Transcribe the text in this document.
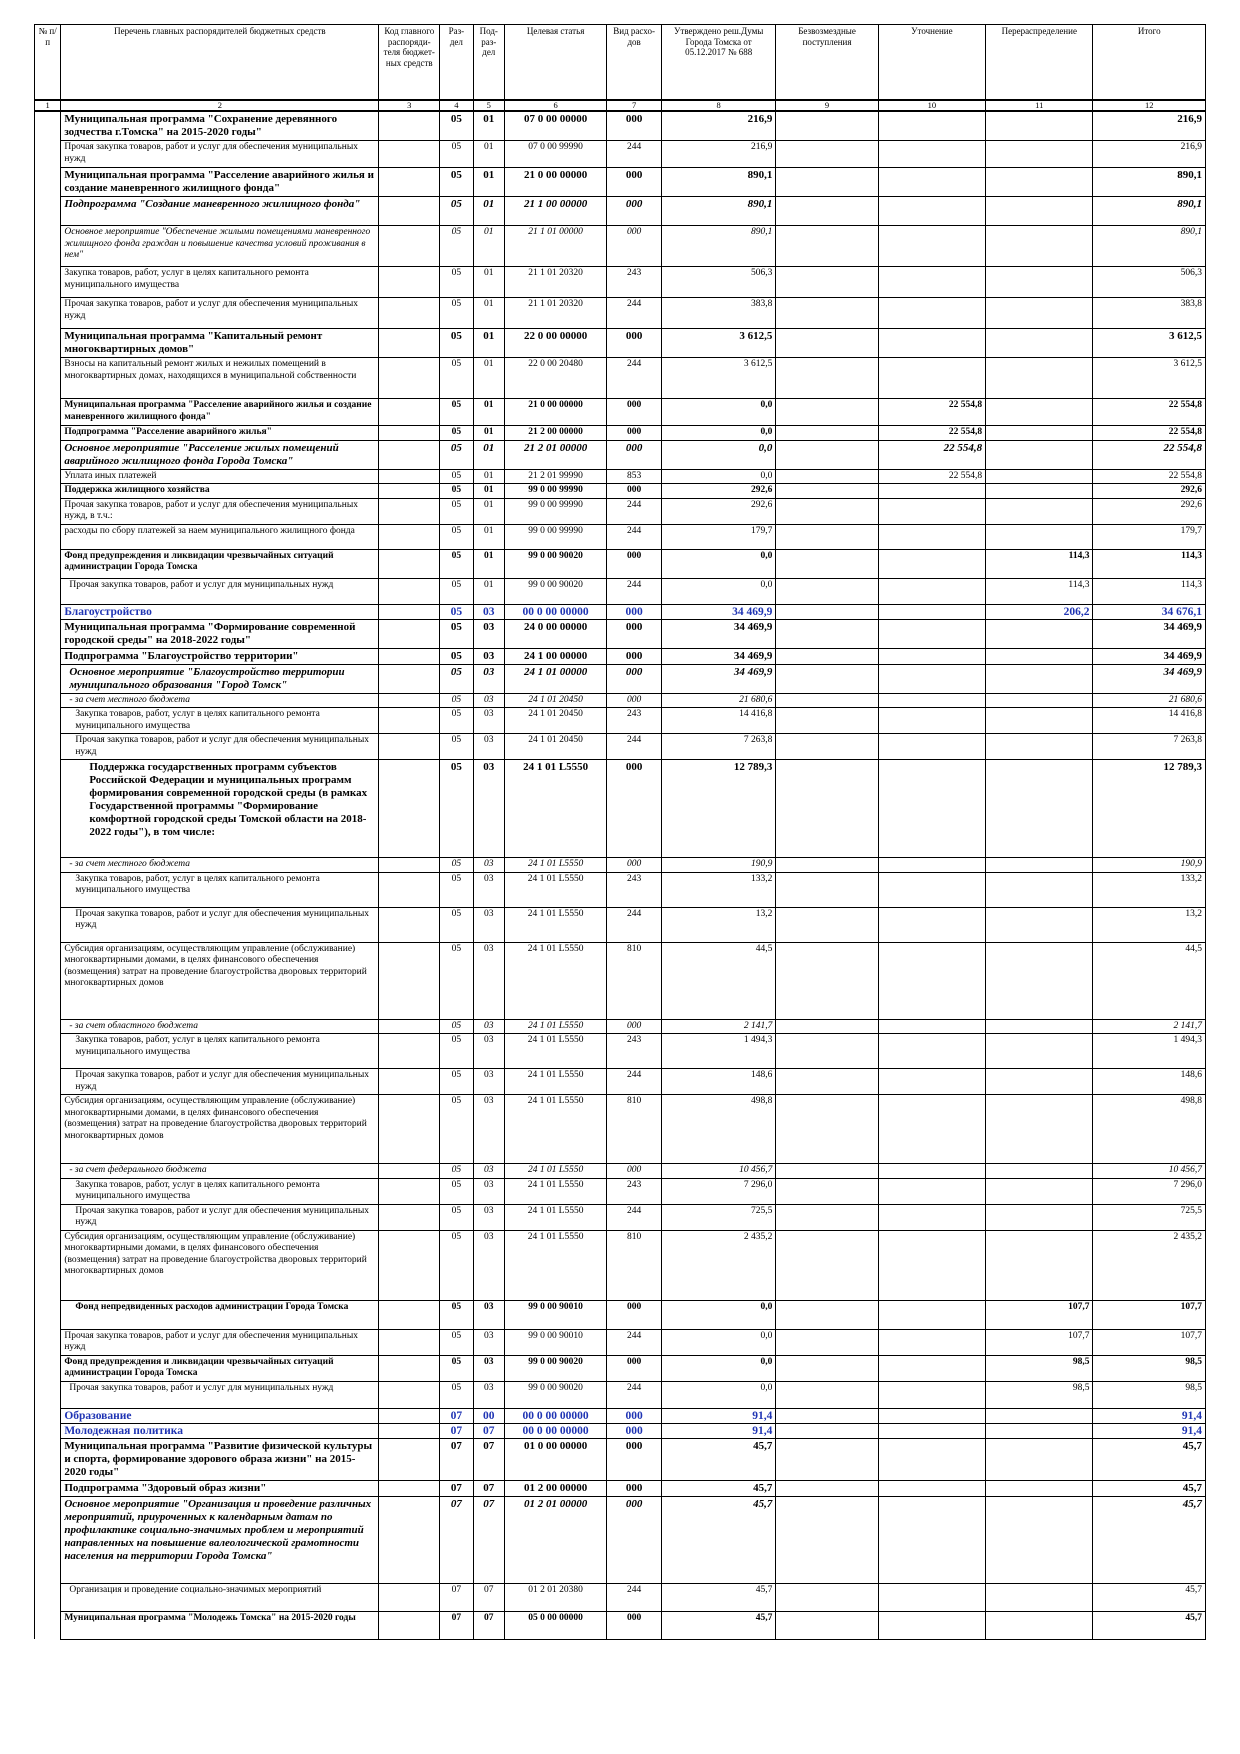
№ п/п	Перечень главных распорядителей бюджетных средств	Код главного распоряди-теля бюджет-ных средств	Раз-дел	Под-раз-дел	Целевая статья	Вид расхо-дов	Утверждено реш.Думы Города Томска от 05.12.2017 № 688	Безвозмездные поступления	Уточнение	Перераспределение	Итого
1	2	3	4	5	6	7	8	9	10	11	12
	Муниципальная программа "Сохранение деревянного зодчества г.Томска" на 2015-2020 годы"		05	01	07 0 00 00000	000	216,9				216,9
	Прочая закупка товаров, работ и услуг для обеспечения муниципальных нужд		05	01	07 0 00 99990	244	216,9				216,9
	Муниципальная программа "Расселение аварийного жилья и создание маневренного жилищного фонда"		05	01	21 0 00 00000	000	890,1				890,1
	Подпрограмма "Создание маневренного жилищного фонда"		05	01	21 1 00 00000	000	890,1				890,1
	Основное мероприятие "Обеспечение жилыми помещениями маневренного жилищного фонда граждан и повышение качества условий проживания в нем"		05	01	21 1 01 00000	000	890,1				890,1
	Закупка товаров, работ, услуг в целях капитального ремонта муниципального имущества		05	01	21 1 01 20320	243	506,3				506,3
	Прочая закупка товаров, работ и услуг для обеспечения муниципальных нужд		05	01	21 1 01 20320	244	383,8				383,8
	Муниципальная программа "Капитальный ремонт многоквартирных домов"		05	01	22 0 00 00000	000	3 612,5				3 612,5
	Взносы на капитальный ремонт жилых и нежилых помещений в многоквартирных домах, находящихся в муниципальной собственности		05	01	22 0 00 20480	244	3 612,5				3 612,5
	Муниципальная программа "Расселение аварийного жилья и создание маневренного жилищного фонда"		05	01	21 0 00 00000	000	0,0		22 554,8		22 554,8
	Подпрограмма "Расселение аварийного жилья"		05	01	21 2 00 00000	000	0,0		22 554,8		22 554,8
	Основное мероприятие "Расселение жилых помещений аварийного жилищного фонда Города Томска"		05	01	21 2 01 00000	000	0,0		22 554,8		22 554,8
	Уплата иных платежей		05	01	21 2 01 99990	853	0,0		22 554,8		22 554,8
	Поддержка жилищного хозяйства		05	01	99 0 00 99990	000	292,6				292,6
	Прочая закупка товаров, работ и услуг для обеспечения муниципальных нужд, в т.ч.:		05	01	99 0 00 99990	244	292,6				292,6
	расходы по сбору платежей за наем муниципального жилищного фонда		05	01	99 0 00 99990	244	179,7				179,7
	Фонд предупреждения и ликвидации чрезвычайных ситуаций администрации Города Томска		05	01	99 0 00 90020	000	0,0			114,3	114,3
	Прочая закупка товаров, работ и услуг для муниципальных нужд		05	01	99 0 00 90020	244	0,0			114,3	114,3
	Благоустройство		05	03	00 0 00 00000	000	34 469,9			206,2	34 676,1
	Муниципальная программа "Формирование современной городской среды" на 2018-2022 годы"		05	03	24 0 00 00000	000	34 469,9				34 469,9
	Подпрограмма "Благоустройство территории"		05	03	24 1 00 00000	000	34 469,9				34 469,9
	Основное мероприятие "Благоустройство территории муниципального образования "Город Томск"		05	03	24 1 01 00000	000	34 469,9				34 469,9
	- за счет местного бюджета		05	03	24 1 01 20450	000	21 680,6				21 680,6
	Закупка товаров, работ, услуг в целях капитального ремонта муниципального имущества		05	03	24 1 01 20450	243	14 416,8				14 416,8
	Прочая закупка товаров, работ и услуг для обеспечения муниципальных нужд		05	03	24 1 01 20450	244	7 263,8				7 263,8
	Поддержка государственных программ субъектов Российской Федерации и муниципальных программ формирования современной городской среды (в рамках Государственной программы "Формирование комфортной городской среды Томской области на 2018-2022 годы"), в том числе:		05	03	24 1 01 L5550	000	12 789,3				12 789,3
	- за счет местного бюджета		05	03	24 1 01 L5550	000	190,9				190,9
	Закупка товаров, работ, услуг в целях капитального ремонта муниципального имущества		05	03	24 1 01 L5550	243	133,2				133,2
	Прочая закупка товаров, работ и услуг для обеспечения муниципальных нужд		05	03	24 1 01 L5550	244	13,2				13,2
	Субсидия организациям, осуществляющим управление (обслуживание) многоквартирными домами, в целях финансового обеспечения (возмещения) затрат на проведение благоустройства дворовых территорий многоквартирных домов		05	03	24 1 01 L5550	810	44,5				44,5
	- за счет областного бюджета		05	03	24 1 01 L5550	000	2 141,7				2 141,7
	Закупка товаров, работ, услуг в целях капитального ремонта муниципального имущества		05	03	24 1 01 L5550	243	1 494,3				1 494,3
	Прочая закупка товаров, работ и услуг для обеспечения муниципальных нужд		05	03	24 1 01 L5550	244	148,6				148,6
	Субсидия организациям, осуществляющим управление (обслуживание) многоквартирными домами, в целях финансового обеспечения (возмещения) затрат на проведение благоустройства дворовых территорий многоквартирных домов		05	03	24 1 01 L5550	810	498,8				498,8
	- за счет федерального бюджета		05	03	24 1 01 L5550	000	10 456,7				10 456,7
	Закупка товаров, работ, услуг в целях капитального ремонта муниципального имущества		05	03	24 1 01 L5550	243	7 296,0				7 296,0
	Прочая закупка товаров, работ и услуг для обеспечения муниципальных нужд		05	03	24 1 01 L5550	244	725,5				725,5
	Субсидия организациям, осуществляющим управление (обслуживание) многоквартирными домами, в целях финансового обеспечения (возмещения) затрат на проведение благоустройства дворовых территорий многоквартирных домов		05	03	24 1 01 L5550	810	2 435,2				2 435,2
	Фонд непредвиденных расходов администрации Города Томска		05	03	99 0 00 90010	000	0,0			107,7	107,7
	Прочая закупка товаров, работ и услуг для обеспечения муниципальных нужд		05	03	99 0 00 90010	244	0,0			107,7	107,7
	Фонд предупреждения и ликвидации чрезвычайных ситуаций администрации Города Томска		05	03	99 0 00 90020	000	0,0			98,5	98,5
	Прочая закупка товаров, работ и услуг для муниципальных нужд		05	03	99 0 00 90020	244	0,0			98,5	98,5
	Образование		07	00	00 0 00 00000	000	91,4				91,4
	Молодежная политика		07	07	00 0 00 00000	000	91,4				91,4
	Муниципальная программа "Развитие физической культуры и спорта, формирование здорового образа жизни" на 2015-2020 годы"		07	07	01 0 00 00000	000	45,7				45,7
	Подпрограмма "Здоровый образ жизни"		07	07	01 2 00 00000	000	45,7				45,7
	Основное мероприятие "Организация и проведение различных мероприятий, приуроченных к календарным датам по профилактике социально-значимых проблем и мероприятий направленных на повышение валеологической грамотности населения на территории Города Томска"		07	07	01 2 01 00000	000	45,7				45,7
	Организация и проведение социально-значимых мероприятий		07	07	01 2 01 20380	244	45,7				45,7
	Муниципальная программа "Молодежь Томска" на 2015-2020 годы		07	07	05 0 00 00000	000	45,7				45,7
